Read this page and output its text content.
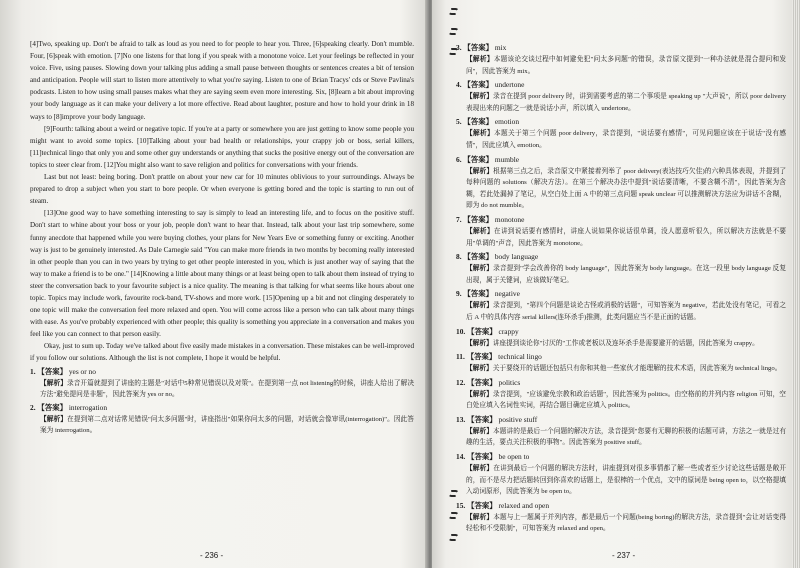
[4]Two, speaking up. Don't be afraid to talk as loud as you need to for people to hear you. Three, [6]speaking clearly. Don't mumble. Four, [6]speak with emotion. [7]No one listens for that long if you speak with a monotone voice. Let your feelings be reflected in your voice. Five, using pauses. Slowing down your talking plus adding a small pause between thoughts or sentences creates a bit of tension and anticipation. People will start to listen more attentively to what you're saying. Listen to one of Brian Tracys' cds or Steve Pavlina's podcasts. Listen to how using small pauses makes what they are saying seem even more interesting. Six, [8]learn a bit about improving your body language as it can make your delivery a lot more effective. Read about laughter, posture and how to hold your drink in 18 ways to [8]improve your body language.

[9]Fourth: talking about a weird or negative topic. If you're at a party or somewhere you are just getting to know some people you might want to avoid some topics. [10]Talking about your bad health or relationships, your crappy job or boss, serial killers, [11]technical lingo that only you and some other guy understands or anything that sucks the positive energy out of the conversation are topics to steer clear from. [12]You might also want to save religion and politics for conversations with your friends.

Last but not least: being boring. Don't prattle on about your new car for 10 minutes oblivious to your surroundings. Always be prepared to drop a subject when you start to bore people. Or when everyone is getting bored and the topic is starting to run out of steam.

[13]One good way to have something interesting to say is simply to lead an interesting life, and to focus on the positive stuff. Don't start to whine about your boss or your job, people don't want to hear that. Instead, talk about your last trip somewhere, some funny anecdote that happened while you were buying clothes, your plans for New Years Eve or something funny or exciting. Another way is just to be genuinely interested. As Dale Carnegie said "You can make more friends in two months by becoming really interested in other people than you can in two years by trying to get other people interested in you, which is just another way of saying that the way to make a friend is to be one." [14]Knowing a little about many things or at least being open to talk about them instead of trying to steer the conversation back to your favourite subject is a nice quality. The meaning is that talking for what seems like hours about one topic. Topics may include work, favourite rock-band, TV-shows and more work. [15]Opening up a bit and not clinging desperately to one topic will make the conversation feel more relaxed and open. You will come across like a person who can talk about many things with ease. As you've probably experienced with other people; this quality is something you appreciate in a conversation and makes you feel like you can connect to that person easily.

Okay, just to sum up. Today we've talked about five easily made mistakes in a conversation. These mistakes can be well-improved if you follow our solutions. Although the list is not complete, I hope it would be helpful.

1. 【答案】 yes or no

【解析】录音开篇就提到了讲座的主题是"对话中5种常见错误以及对策"。在提到第一点 not listening的时候，讲座人给出了解决方法"避免提问是非题"，因此答案为 yes or no。

2. 【答案】 interrogation

【解析】在提到第二点对话常见错误"问太多问题"时，讲座指出"如果你问太多的问题，对话就会像审讯(interrogation)"。因此答案为 interrogation。

- 236 -

3. 【答案】 mix

【解析】本题该论交谈过程中如何避免犯"问太多问题"的错误，录音原文提到"一种办法就是混合提问和发问"，因此答案为 mix。

4. 【答案】 undertone

【解析】录音在提到 poor delivery 时，讲到需要考虑的第二个事项是 speaking up "大声说"，所以 poor delivery 表现出来的问题之一就是说话小声，所以填入 undertone。

5. 【答案】 emotion

【解析】本题关于第三个问题 poor delivery，录音提到，"说话要有感情"，可见问题应该在于说话"没有感情"，因此应填入 emotion。

6. 【答案】 mumble

【解析】根据第三点之后，录音原文中紧接着列举了 poor delivery(表达技巧欠佳)的六种具体表现，并提到了每种问题的 solutions（解决方法）。在第三个解决办法中提到"说话要清晰，不要含糊不清"，因此答案为含糊，若此处漏掉了笔记，从空白处上面 A 中的第三点问题 speak unclear 可以推测解决方法应为讲话不含糊，即为 do not mumble。

7. 【答案】 monotone

【解析】在讲到说话要有感情时，讲座人说如果你说话很单调，没人愿意听很久，所以解决方法就是不要用"单调的"声音，因此答案为 monotone。

8. 【答案】 body language

【解析】录音提到"学会改善你的 body language"，因此答案为 body language。在这一段里 body language 反复出现，属于关键词，应该做好笔记。

9. 【答案】 negative

【解析】录音提到，"第四个问题是谈论古怪或消极的话题"，可知答案为 negative，若此处没有笔记，可看之后 A 中的具体内容 serial killers(连环杀手)推测，此类问题应当不是正面的话题。

10. 【答案】 crappy

【解析】讲座提到谈论你"讨厌的"工作或老板以及连环杀手是需要避开的话题，因此答案为 crappy。

11. 【答案】 technical lingo

【解析】关于要绕开的话题还包括只有你和其他一些家伙才能理解的技术术语，因此答案为 technical lingo。

12. 【答案】 politics

【解析】录音提到，"应该避免宗教和政治话题"，因此答案为 politics。由空格前的并列内容 religion 可知，空白处应填入名词性实词，再结合题目确定应填入 politics。

13. 【答案】 positive stuff

【解析】本题讲的是最后一个问题的解决方法，录音提到"您要有无聊的积极的话题可讲，方法之一就是过有趣的生活，要点关注积极的事物"。因此答案为 positive stuff。

14. 【答案】 be open to

【解析】在讲到最后一个问题的解决方法时，讲座提到对很多事情都了解一些或者至少讨论这些话题是敞开的，而不是尽力把话题转回到你喜欢的话题上，是很棒的一个优点，文中的原词是 being open to，以空格提填入动词原形，因此答案为 be open to。

15. 【答案】 relaxed and open

【解析】本题与上一题属于并列内容，都是最后一个问题(being boring)的解决方法，录音提到"会让对话变得轻松和不受限制"，可知答案为 relaxed and open。

- 237 -
